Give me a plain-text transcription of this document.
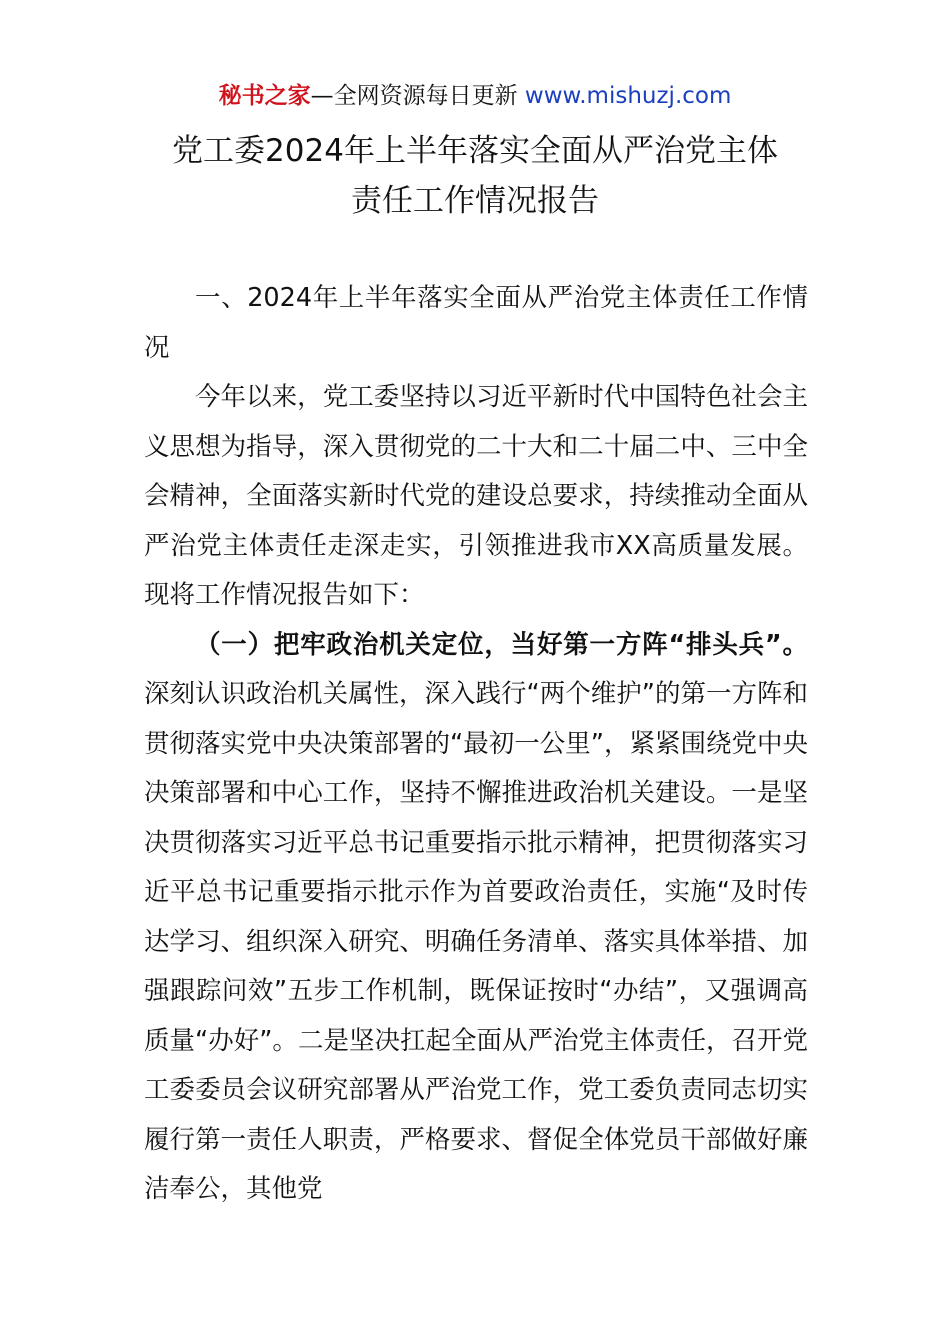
秘书之家—全网资源每日更新 www.mishuzj.com
党工委2024年上半年落实全面从严治党主体
责任工作情况报告

一、2024年上半年落实全面从严治党主体责任工作情况

今年以来，党工委坚持以习近平新时代中国特色社会主义思想为指导，深入贯彻党的二十大和二十届二中、三中全会精神，全面落实新时代党的建设总要求，持续推动全面从严治党主体责任走深走实，引领推进我市XX高质量发展。现将工作情况报告如下：

（一）把牢政治机关定位，当好第一方阵“排头兵”。深刻认识政治机关属性，深入践行“两个维护”的第一方阵和贯彻落实党中央决策部署的“最初一公里”，紧紧围绕党中央决策部署和中心工作，坚持不懈推进政治机关建设。一是坚决贯彻落实习近平总书记重要指示批示精神，把贯彻落实习近平总书记重要指示批示作为首要政治责任，实施“及时传达学习、组织深入研究、明确任务清单、落实具体举措、加强跟踪问效”五步工作机制，既保证按时“办结”，又强调高质量“办好”。二是坚决扛起全面从严治党主体责任，召开党工委委员会议研究部署从严治党工作，党工委负责同志切实履行第一责任人职责，严格要求、督促全体党员干部做好廉洁奉公，其他党
